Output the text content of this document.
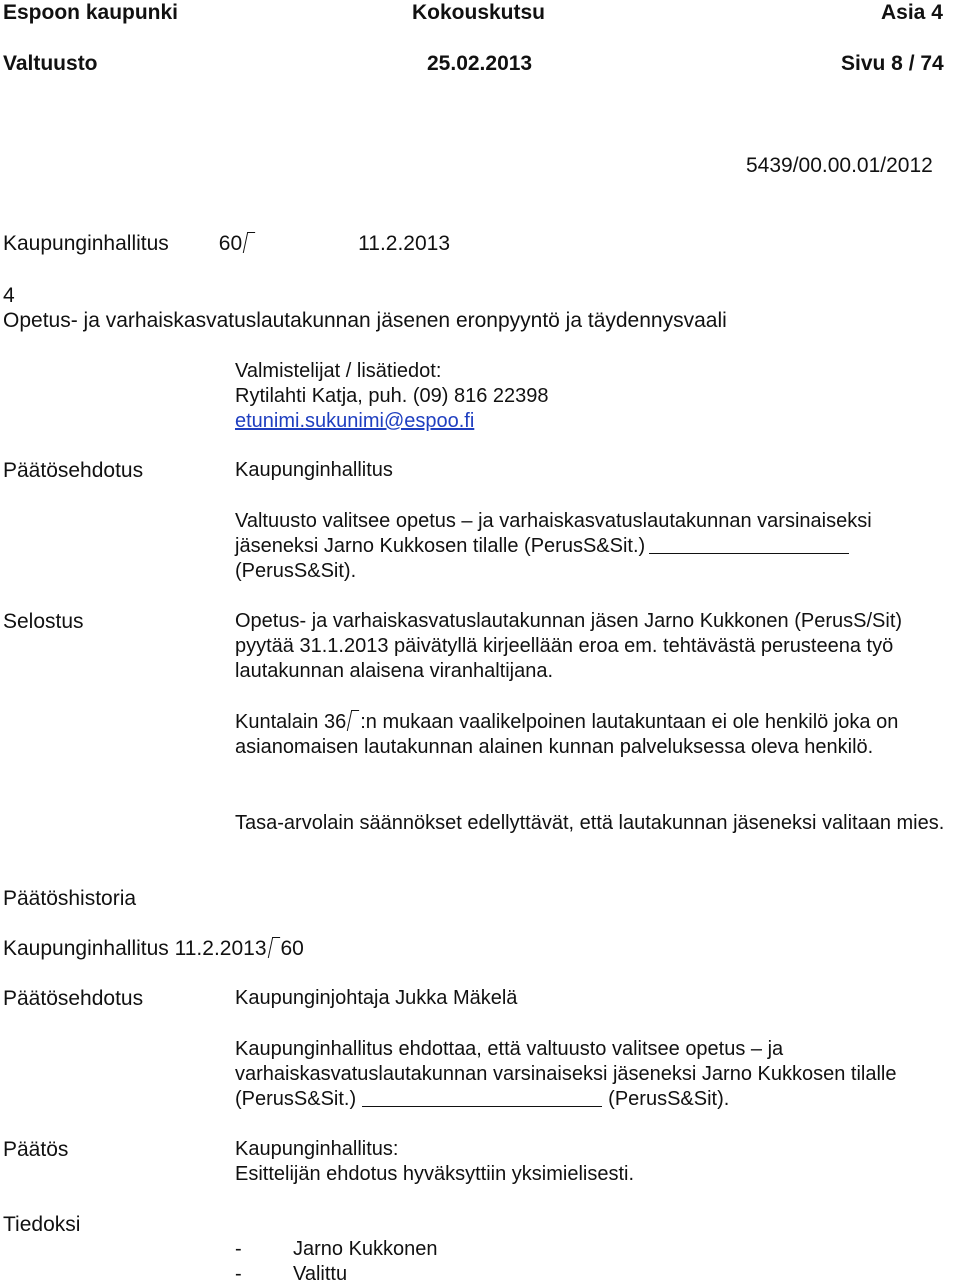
Espoon kaupunki	Kokouskutsu	Asia 4
Valtuusto	25.02.2013	Sivu 8 / 74
5439/00.00.01/2012
Kaupunginhallitus 60	11.2.2013
4
Opetus- ja varhaiskasvatuslautakunnan jäsenen eronpyyntö ja täydennysvaali

Valmistelijat / lisätiedot:

Rytilahti Katja, puh. (09) 816 22398

etunimi.sukunimi@espoo.fi

Päätösehdotus	Kaupunginhallitus

Valtuusto valitsee opetus – ja varhaiskasvatuslautakunnan varsinaiseksi jäseneksi Jarno Kukkosen tilalle (PerusS&Sit.)(PerusS&Sit).

Selostus	Opetus- ja varhaiskasvatuslautakunnan jäsen Jarno Kukkonen (PerusS/Sit) pyytää 31.1.2013 päivätyllä kirjeellään eroa em. tehtävästä perusteena työ lautakunnan alaisena viranhaltijana.

Kuntalain 36 :n mukaan vaalikelpoinen lautakuntaan ei ole henkilö joka on asianomaisen lautakunnan alainen kunnan palveluksessa oleva henkilö.

Tasa-arvolain säännökset edellyttävät, että lautakunnan jäseneksi valitaan mies.

Päätöshistoria
Kaupunginhallitus 11.2.2013 60
Päätösehdotus	Kaupunginjohtaja Jukka Mäkelä

Kaupunginhallitus ehdottaa, että valtuusto valitsee opetus – ja varhaiskasvatuslautakunnan varsinaiseksi jäseneksi Jarno Kukkosen tilalle (PerusS&Sit.)	(PerusS&Sit).

Päätös	Kaupunginhallitus:

Esittelijän ehdotus hyväksyttiin yksimielisesti.

Tiedoksi

-	Jarno Kukkonen

-	Valittu
